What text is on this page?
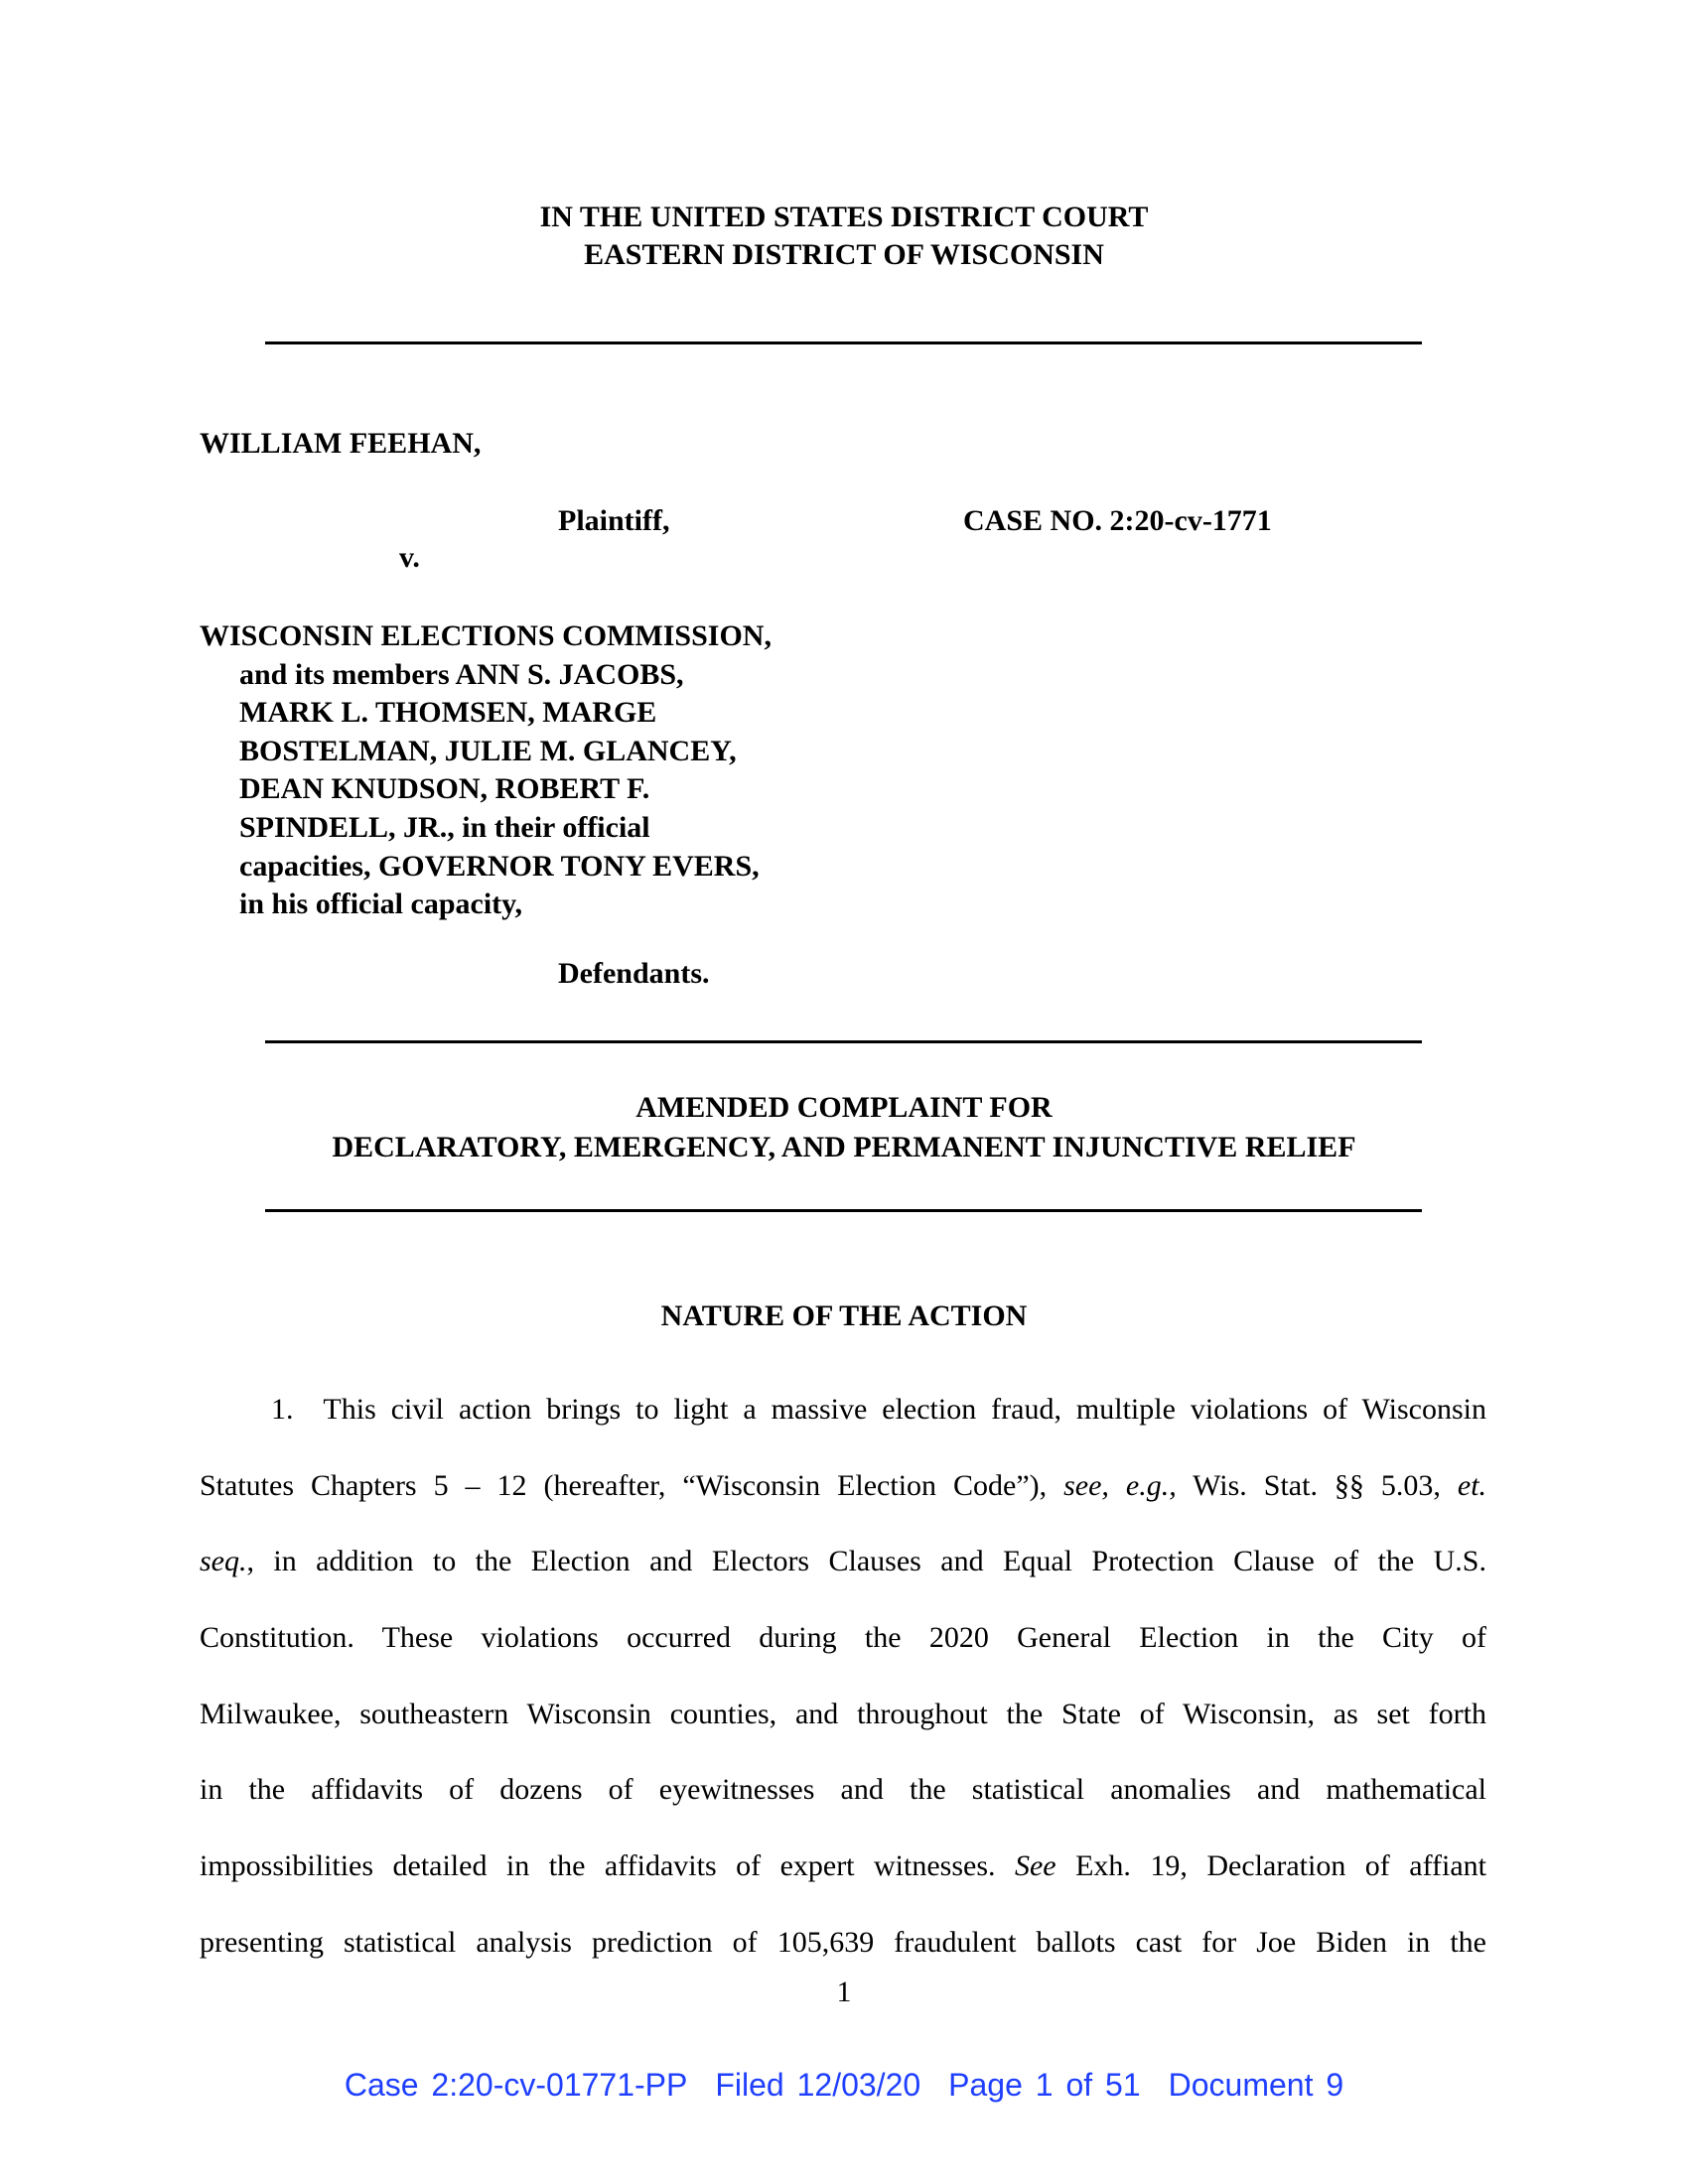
IN THE UNITED STATES DISTRICT COURT
EASTERN DISTRICT OF WISCONSIN
WILLIAM FEEHAN,
Plaintiff,	CASE NO. 2:20-cv-1771
v.
WISCONSIN ELECTIONS COMMISSION,
and its members ANN S. JACOBS,
MARK L. THOMSEN, MARGE
BOSTELMAN, JULIE M. GLANCEY,
DEAN KNUDSON, ROBERT F.
SPINDELL, JR., in their official
capacities, GOVERNOR TONY EVERS,
in his official capacity,
Defendants.
AMENDED COMPLAINT FOR
DECLARATORY, EMERGENCY, AND PERMANENT INJUNCTIVE RELIEF
NATURE OF THE ACTION
1. This civil action brings to light a massive election fraud, multiple violations of Wisconsin
Statutes Chapters 5 – 12 (hereafter, “Wisconsin Election Code”), see, e.g., Wis. Stat. §§ 5.03, et.
seq., in addition to the Election and Electors Clauses and Equal Protection Clause of the U.S.
Constitution. These violations occurred during the 2020 General Election in the City of
Milwaukee, southeastern Wisconsin counties, and throughout the State of Wisconsin, as set forth
in the affidavits of dozens of eyewitnesses and the statistical anomalies and mathematical
impossibilities detailed in the affidavits of expert witnesses. See Exh. 19, Declaration of affiant
presenting statistical analysis prediction of 105,639 fraudulent ballots cast for Joe Biden in the
1
Case 2:20-cv-01771-PP Filed 12/03/20 Page 1 of 51 Document 9
